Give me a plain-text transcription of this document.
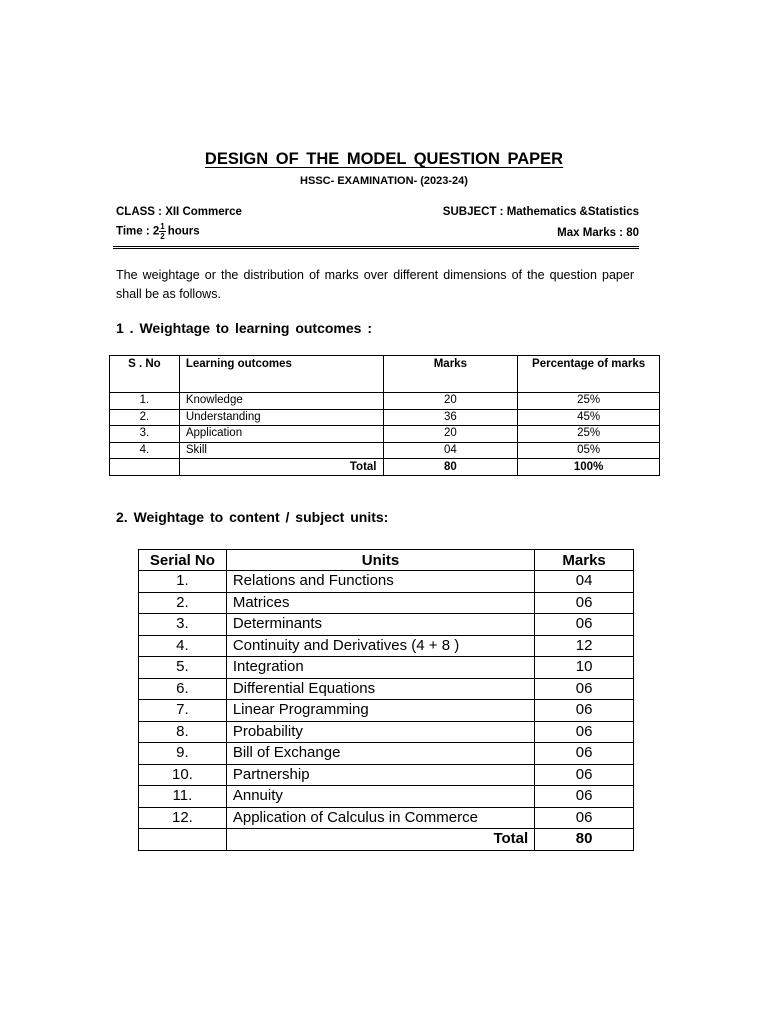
DESIGN OF THE MODEL QUESTION PAPER
HSSC- EXAMINATION- (2023-24)
CLASS : XII Commerce	SUBJECT : Mathematics &Statistics
Time : $2 \frac{1}{2}$ hours	Max Marks : 80
The weightage or the distribution of marks over different dimensions of the question paper shall be as follows.
1 . Weightage to learning outcomes :
S . No	Learning outcomes	Marks	Percentage of marks
1.	Knowledge	20	25%
2.	Understanding	36	45%
3.	Application	20	25%
4.	Skill	04	05%
	Total	80	100%
2. Weightage to content / subject units:
Serial No	Units	Marks
1.	Relations and Functions	04
2.	Matrices	06
3.	Determinants	06
4.	Continuity and Derivatives (4 + 8 )	12
5.	Integration	10
6.	Differential Equations	06
7.	Linear Programming	06
8.	Probability	06
9.	Bill of Exchange	06
10.	Partnership	06
11.	Annuity	06
12.	Application of Calculus in Commerce	06
	Total	80
